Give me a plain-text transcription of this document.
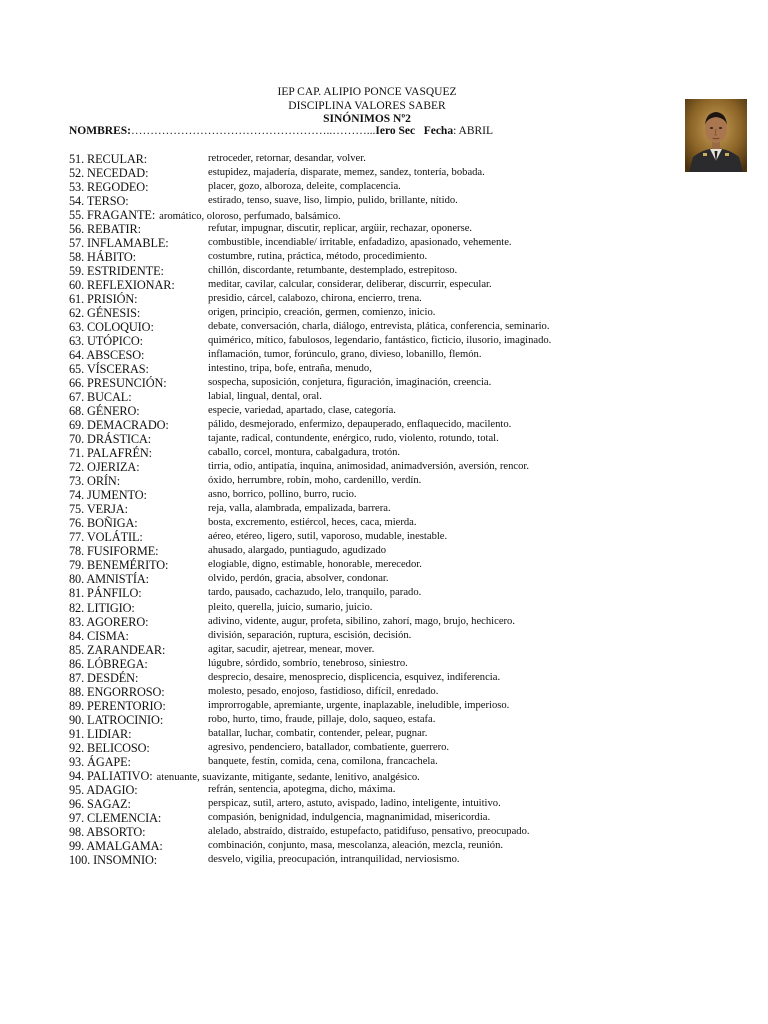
IEP CAP. ALIPIO PONCE VASQUEZ
DISCIPLINA VALORES SABER
SINÓNIMOS Nº2
NOMBRES:……………………………………………..………...Iero Sec Fecha: ABRIL
51. RECULAR:	retroceder, retornar, desandar, volver.
52. NECEDAD:	estupidez, majadería, disparate, memez, sandez, tontería, bobada.
53. REGODEO:	placer, gozo, alboroza, deleite, complacencia.
54. TERSO:	estirado, tenso, suave, liso, limpio, pulido, brillante, nítido.
55. FRAGANTE: aromático, oloroso, perfumado, balsámico.
56. REBATIR:	refutar, impugnar, discutir, replicar, argüir, rechazar, oponerse.
57. INFLAMABLE:	combustible, incendiable/ irritable, enfadadizo, apasionado, vehemente.
58. HÁBITO:	costumbre, rutina, práctica, método, procedimiento.
59. ESTRIDENTE:	chillón, discordante, retumbante, destemplado, estrepitoso.
60. REFLEXIONAR:	meditar, cavilar, calcular, considerar, deliberar, discurrir, especular.
61. PRISIÓN:	presidio, cárcel, calabozo, chirona, encierro, trena.
62. GÉNESIS:	origen, principio, creación, germen, comienzo, inicio.
63. COLOQUIO:	debate, conversación, charla, diálogo, entrevista, plática, conferencia, seminario.
63. UTÓPICO:	quimérico, mítico, fabulosos, legendario, fantástico, ficticio, ilusorio, imaginado.
64. ABSCESO:	inflamación, tumor, forúnculo, grano, divieso, lobanillo, flemón.
65. VÍSCERAS:	intestino, tripa, bofe, entraña, menudo,
66. PRESUNCIÓN:	sospecha, suposición, conjetura, figuración, imaginación, creencia.
67. BUCAL:	labial, lingual, dental, oral.
68. GÉNERO:	especie, variedad, apartado, clase, categoría.
69. DEMACRADO:	pálido, desmejorado, enfermizo, depauperado, enflaquecido, macilento.
70. DRÁSTICA:	tajante, radical, contundente, enérgico, rudo, violento, rotundo, total.
71. PALAFRÉN:	caballo, corcel, montura, cabalgadura, trotón.
72. OJERIZA:	tirria, odio, antipatía, inquina, animosidad, animadversión, aversión, rencor.
73. ORÍN:	óxido, herrumbre, robín, moho, cardenillo, verdín.
74. JUMENTO:	asno, borrico, pollino, burro, rucio.
75. VERJA:	reja, valla, alambrada, empalizada, barrera.
76. BOÑIGA:	bosta, excremento, estiércol, heces, caca, mierda.
77. VOLÁTIL:	aéreo, etéreo, ligero, sutil, vaporoso, mudable, inestable.
78. FUSIFORME:	ahusado, alargado, puntiagudo, agudizado
79. BENEMÉRITO:	elogiable, digno, estimable, honorable, merecedor.
80. AMNISTÍA:	olvido, perdón, gracia, absolver, condonar.
81. PÁNFILO:	tardo, pausado, cachazudo, lelo, tranquilo, parado.
82. LITIGIO:	pleito, querella, juicio, sumario, juicio.
83. AGORERO:	adivino, vidente, augur, profeta, sibilino, zahorí, mago, brujo, hechicero.
84. CISMA:	división, separación, ruptura, escisión, decisión.
85. ZARANDEAR:	agitar, sacudir, ajetrear, menear, mover.
86. LÓBREGA:	lúgubre, sórdido, sombrío, tenebroso, siniestro.
87. DESDÉN:	desprecio, desaire, menosprecio, displicencia, esquivez, indiferencia.
88. ENGORROSO:	molesto, pesado, enojoso, fastidioso, difícil, enredado.
89. PERENTORIO:	improrrogable, apremiante, urgente, inaplazable, ineludible, imperioso.
90. LATROCINIO:	robo, hurto, timo, fraude, pillaje, dolo, saqueo, estafa.
91. LIDIAR:	batallar, luchar, combatir, contender, pelear, pugnar.
92. BELICOSO:	agresivo, pendenciero, batallador, combatiente, guerrero.
93. ÁGAPE:	banquete, festín, comida, cena, comilona, francachela.
94. PALIATIVO: atenuante, suavizante, mitigante, sedante, lenitivo, analgésico.
95. ADAGIO:	refrán, sentencia, apotegma, dicho, máxima.
96. SAGAZ:	perspicaz, sutil, artero, astuto, avispado, ladino, inteligente, intuitivo.
97. CLEMENCIA:	compasión, benignidad, indulgencia, magnanimidad, misericordia.
98. ABSORTO:	alelado, abstraído, distraído, estupefacto, patidifuso, pensativo, preocupado.
99. AMALGAMA:	combinación, conjunto, masa, mescolanza, aleación, mezcla, reunión.
100. INSOMNIO:	desvelo, vigilia, preocupación, intranquilidad, nerviosismo.
